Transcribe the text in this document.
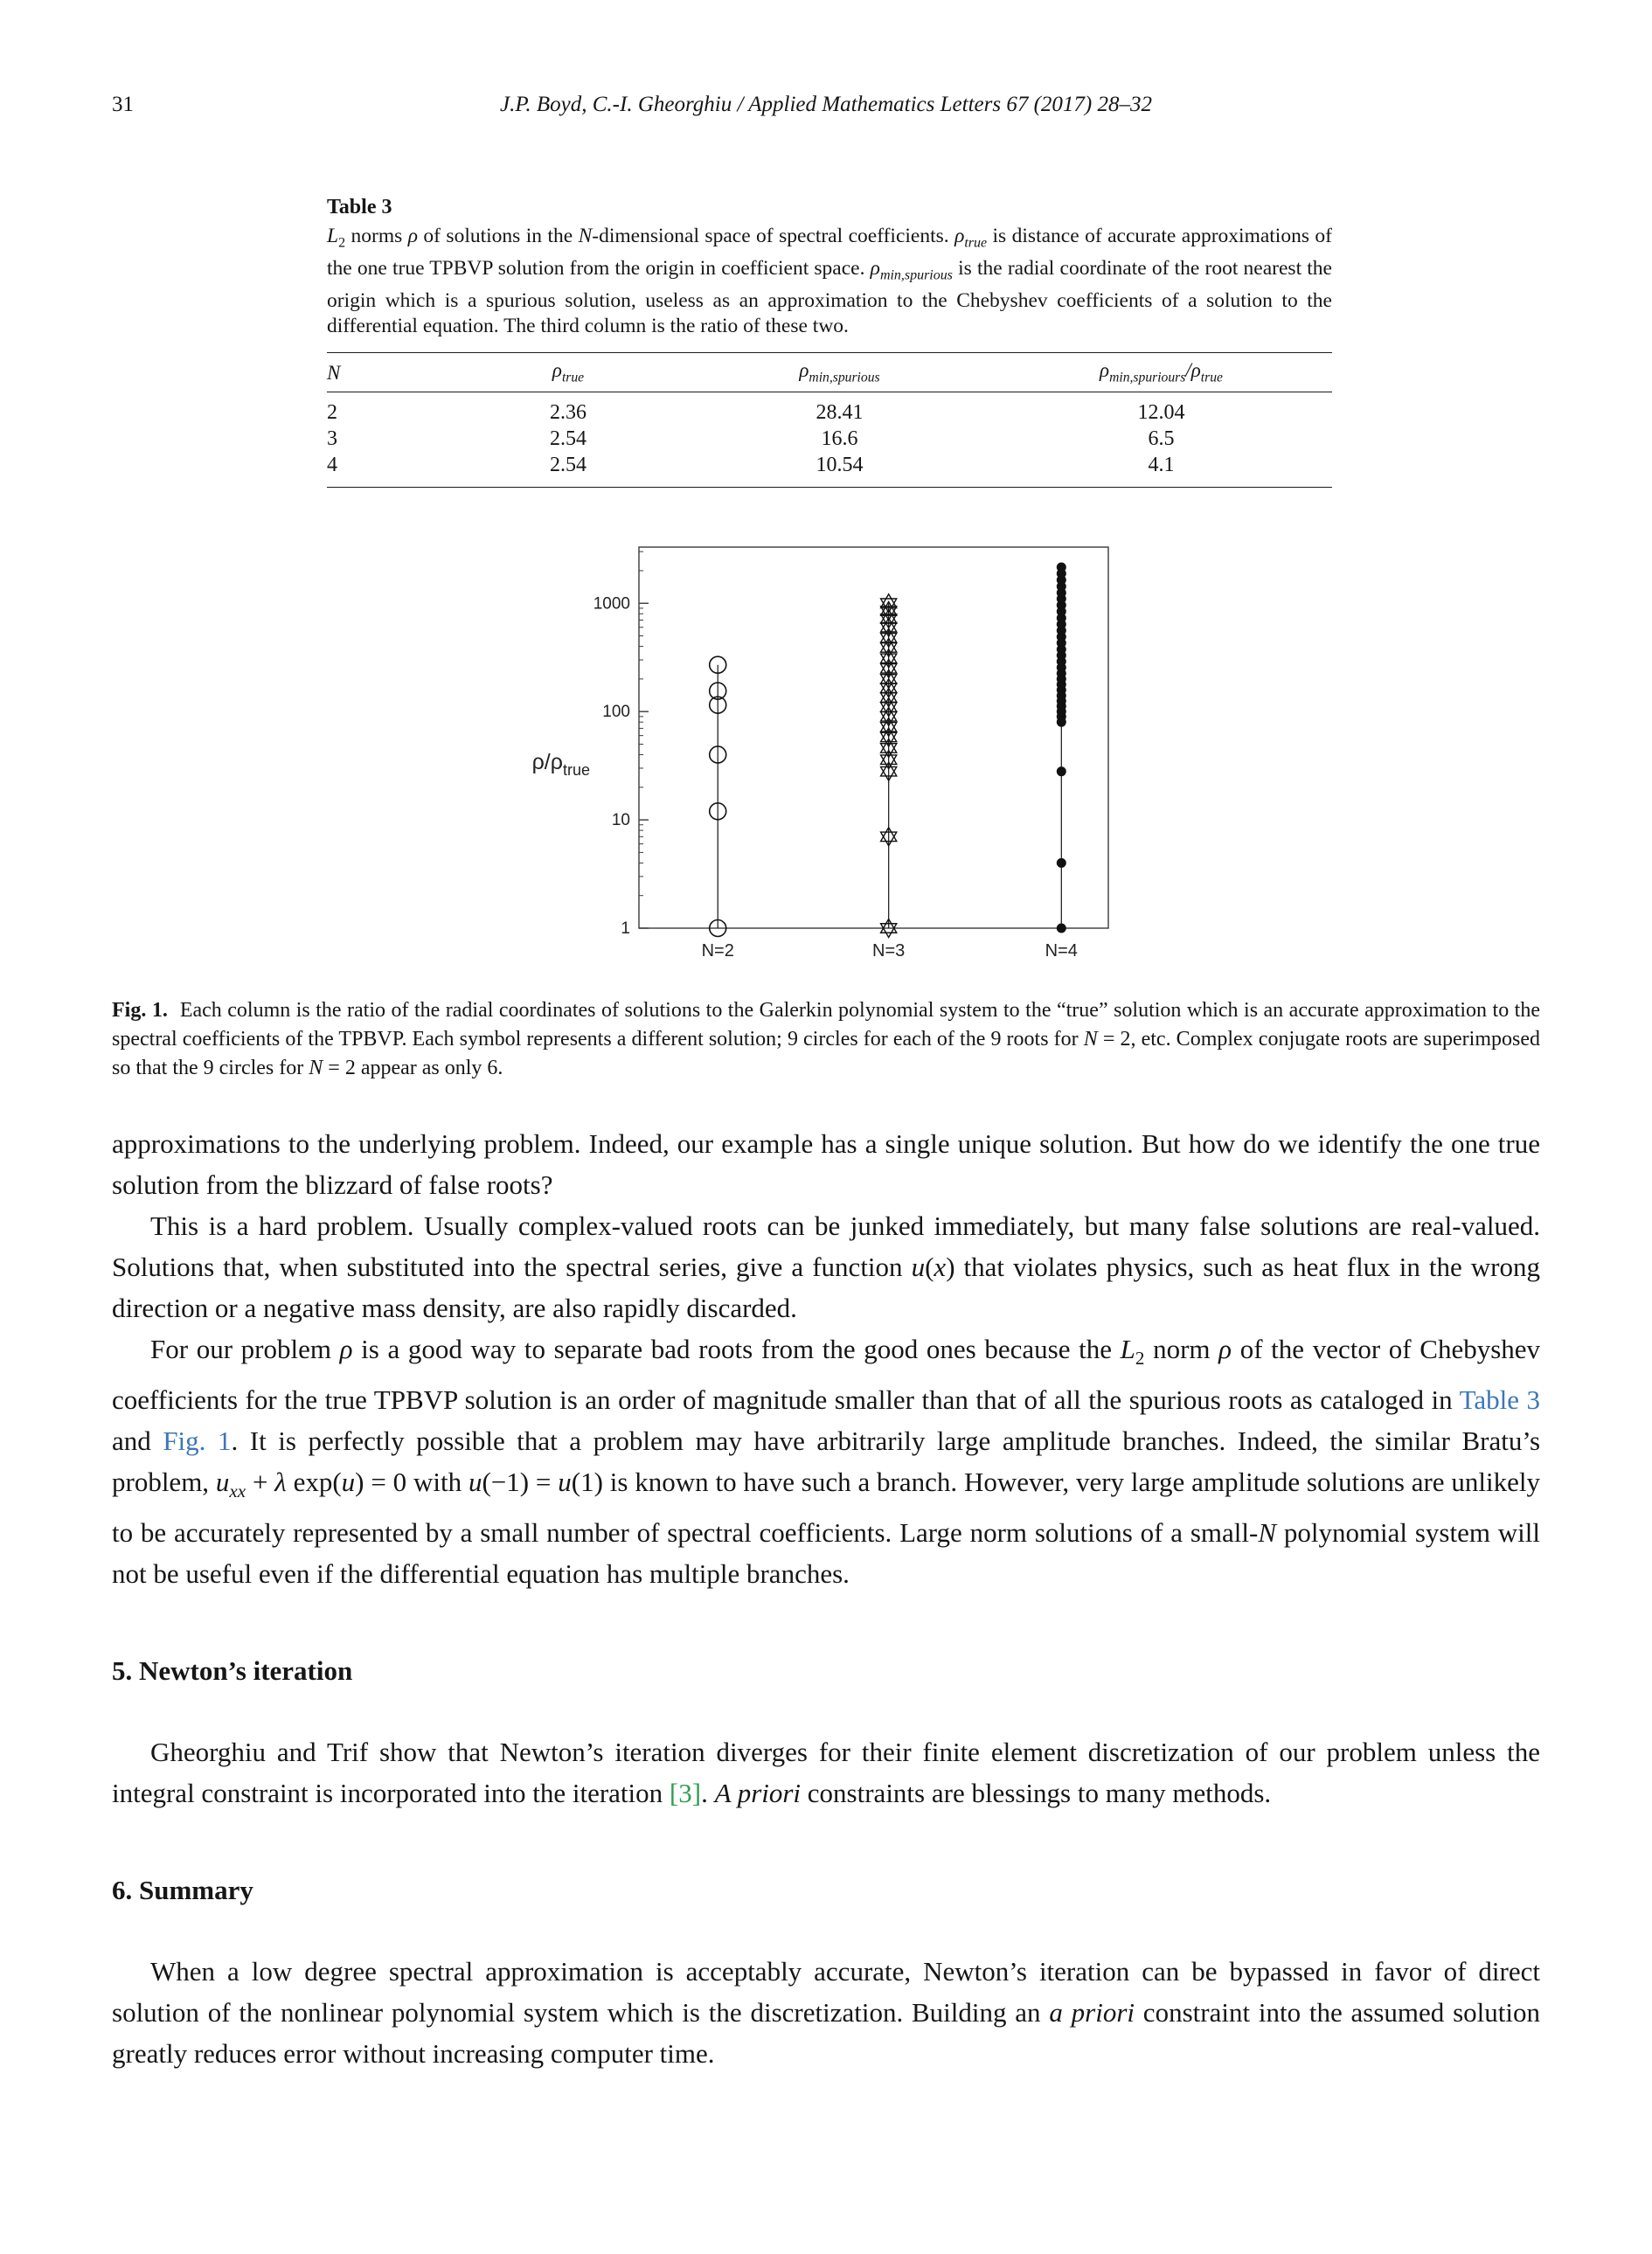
31	J.P. Boyd, C.-I. Gheorghiu / Applied Mathematics Letters 67 (2017) 28–32
Table 3
$L_2$ norms ρ of solutions in the N-dimensional space of spectral coefficients. $\rho_{true}$ is distance of accurate approximations of the one true TPBVP solution from the origin in coefficient space. $\rho_{min,spurious}$ is the radial coordinate of the root nearest the origin which is a spurious solution, useless as an approximation to the Chebyshev coefficients of a solution to the differential equation. The third column is the ratio of these two.
N	$\rho_{true}$	$\rho_{min,spurious}$	$\rho_{min,spuriours}/\rho_{true}$
2	2.36	28.41	12.04
3	2.54	16.6	6.5
4	2.54	10.54	4.1
1
10
100
1000
N=2	N=3	N=4
$\rho/\rho_{true}$
Fig. 1. Each column is the ratio of the radial coordinates of solutions to the Galerkin polynomial system to the “true” solution which is an accurate approximation to the spectral coefficients of the TPBVP. Each symbol represents a different solution; 9 circles for each of the 9 roots for N = 2, etc. Complex conjugate roots are superimposed so that the 9 circles for N = 2 appear as only 6.

approximations to the underlying problem. Indeed, our example has a single unique solution. But how do we identify the one true solution from the blizzard of false roots?

This is a hard problem. Usually complex-valued roots can be junked immediately, but many false solutions are real-valued. Solutions that, when substituted into the spectral series, give a function u(x) that violates physics, such as heat flux in the wrong direction or a negative mass density, are also rapidly discarded.

For our problem ρ is a good way to separate bad roots from the good ones because the $L_2$ norm ρ of the vector of Chebyshev coefficients for the true TPBVP solution is an order of magnitude smaller than that of all the spurious roots as cataloged in Table 3 and Fig. 1. It is perfectly possible that a problem may have arbitrarily large amplitude branches. Indeed, the similar Bratu’s problem, $u_{xx} + \lambda$ exp(u) = 0 with u(−1) = u(1) is known to have such a branch. However, very large amplitude solutions are unlikely to be accurately represented by a small number of spectral coefficients. Large norm solutions of a small-N polynomial system will not be useful even if the differential equation has multiple branches.

5. Newton’s iteration

Gheorghiu and Trif show that Newton’s iteration diverges for their finite element discretization of our problem unless the integral constraint is incorporated into the iteration [3]. A priori constraints are blessings to many methods.

6. Summary

When a low degree spectral approximation is acceptably accurate, Newton’s iteration can be bypassed in favor of direct solution of the nonlinear polynomial system which is the discretization. Building an a priori constraint into the assumed solution greatly reduces error without increasing computer time.
